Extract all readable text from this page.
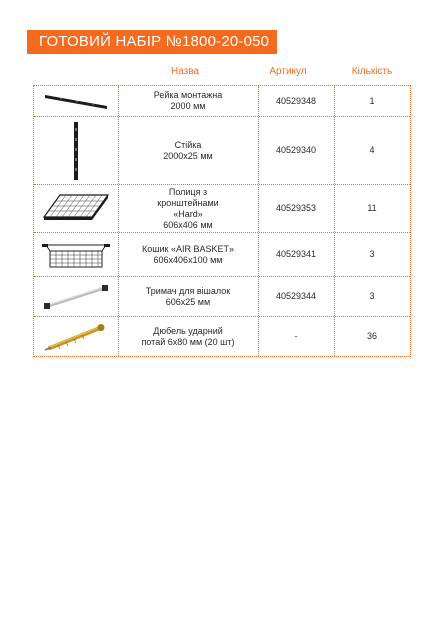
ГОТОВИЙ НАБІР №1800-20-050
Назва	Артикул	Кількість
Рейка монтажна
2000 мм
40529348	1
Стійка
2000х25 мм
40529340	4
Полиця з
кронштейнами
«Hard»
606х406 мм
40529353	11
Кошик «AIR BASKET»
606х406х100 мм
40529341	3
Тримач для вішалок
606х25 мм
40529344	3
Дюбель ударний
потай 6х80 мм (20 шт)
-	36
